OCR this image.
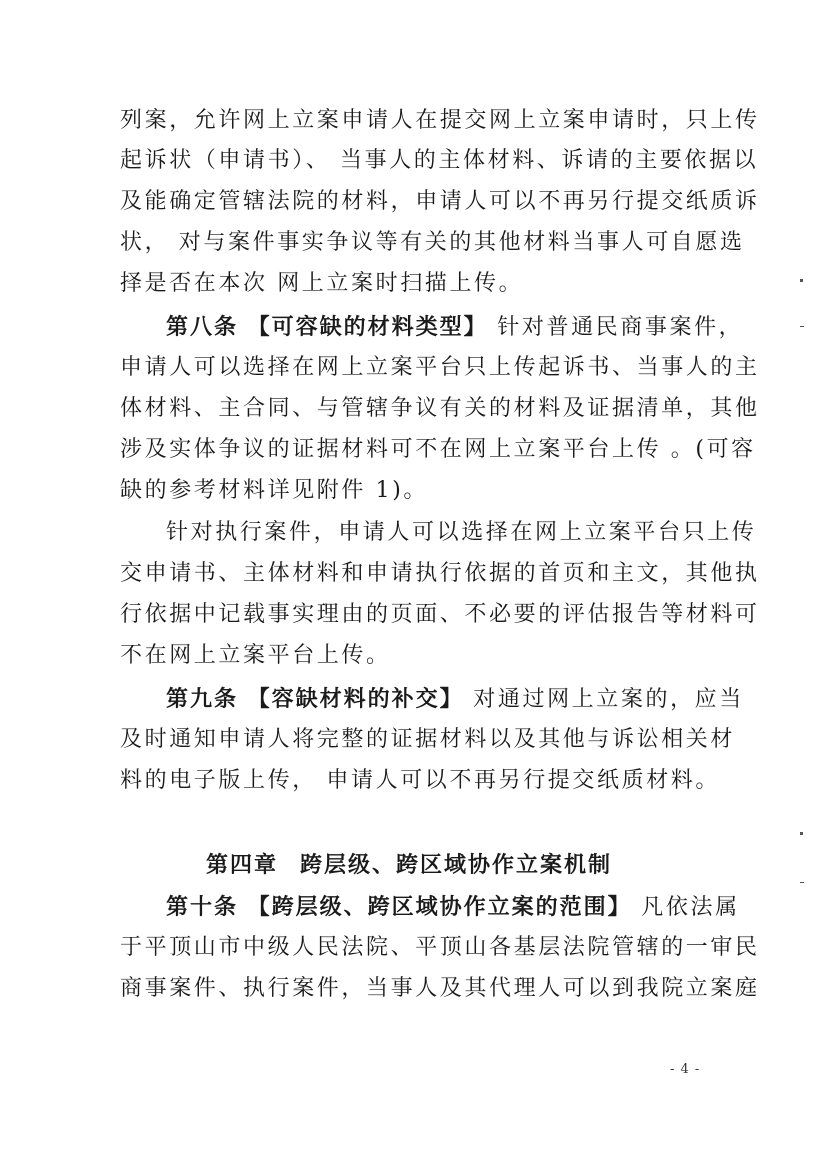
列案，允许网上立案申请人在提交网上立案申请时，只上传
起诉状（申请书）、 当事人的主体材料、诉请的主要依据以
及能确定管辖法院的材料，申请人可以不再另行提交纸质诉
状， 对与案件事实争议等有关的其他材料当事人可自愿选
择是否在本次 网上立案时扫描上传。
第八条 【可容缺的材料类型】 针对普通民商事案件，
申请人可以选择在网上立案平台只上传起诉书、当事人的主
体材料、主合同、与管辖争议有关的材料及证据清单，其他
涉及实体争议的证据材料可不在网上立案平台上传 。(可容
缺的参考材料详见附件 1)。
针对执行案件，申请人可以选择在网上立案平台只上传
交申请书、主体材料和申请执行依据的首页和主文，其他执
行依据中记载事实理由的页面、不必要的评估报告等材料可
不在网上立案平台上传。
第九条 【容缺材料的补交】 对通过网上立案的，应当
及时通知申请人将完整的证据材料以及其他与诉讼相关材
料的电子版上传， 申请人可以不再另行提交纸质材料。
第四章 跨层级、跨区域协作立案机制
第十条 【跨层级、跨区域协作立案的范围】 凡依法属
于平顶山市中级人民法院、平顶山各基层法院管辖的一审民
商事案件、执行案件，当事人及其代理人可以到我院立案庭
- 4 -
